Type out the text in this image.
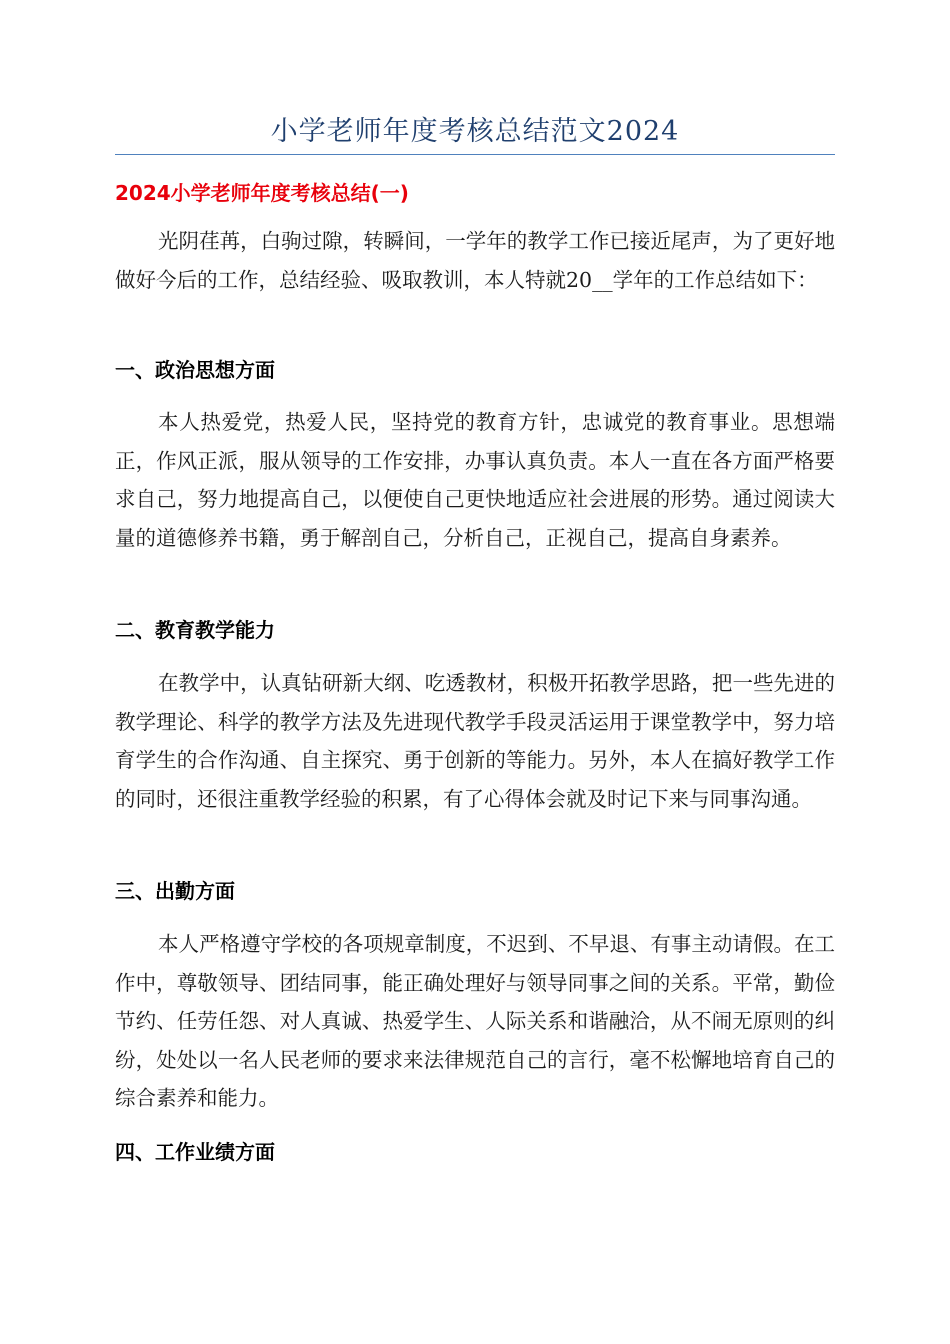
小学老师年度考核总结范文2024
2024小学老师年度考核总结(一)

光阴荏苒，白驹过隙，转瞬间，一学年的教学工作已接近尾声，为了更好地做好今后的工作，总结经验、吸取教训，本人特就20__学年的工作总结如下：

一、政治思想方面

本人热爱党，热爱人民，坚持党的教育方针，忠诚党的教育事业。思想端正，作风正派，服从领导的工作安排，办事认真负责。本人一直在各方面严格要求自己，努力地提高自己，以便使自己更快地适应社会进展的形势。通过阅读大量的道德修养书籍，勇于解剖自己，分析自己，正视自己，提高自身素养。

二、教育教学能力

在教学中，认真钻研新大纲、吃透教材，积极开拓教学思路，把一些先进的教学理论、科学的教学方法及先进现代教学手段灵活运用于课堂教学中，努力培育学生的合作沟通、自主探究、勇于创新的等能力。另外，本人在搞好教学工作的同时，还很注重教学经验的积累，有了心得体会就及时记下来与同事沟通。

三、出勤方面

本人严格遵守学校的各项规章制度，不迟到、不早退、有事主动请假。在工作中，尊敬领导、团结同事，能正确处理好与领导同事之间的关系。平常，勤俭节约、任劳任怨、对人真诚、热爱学生、人际关系和谐融洽，从不闹无原则的纠纷，处处以一名人民老师的要求来法律规范自己的言行，毫不松懈地培育自己的综合素养和能力。

四、工作业绩方面
